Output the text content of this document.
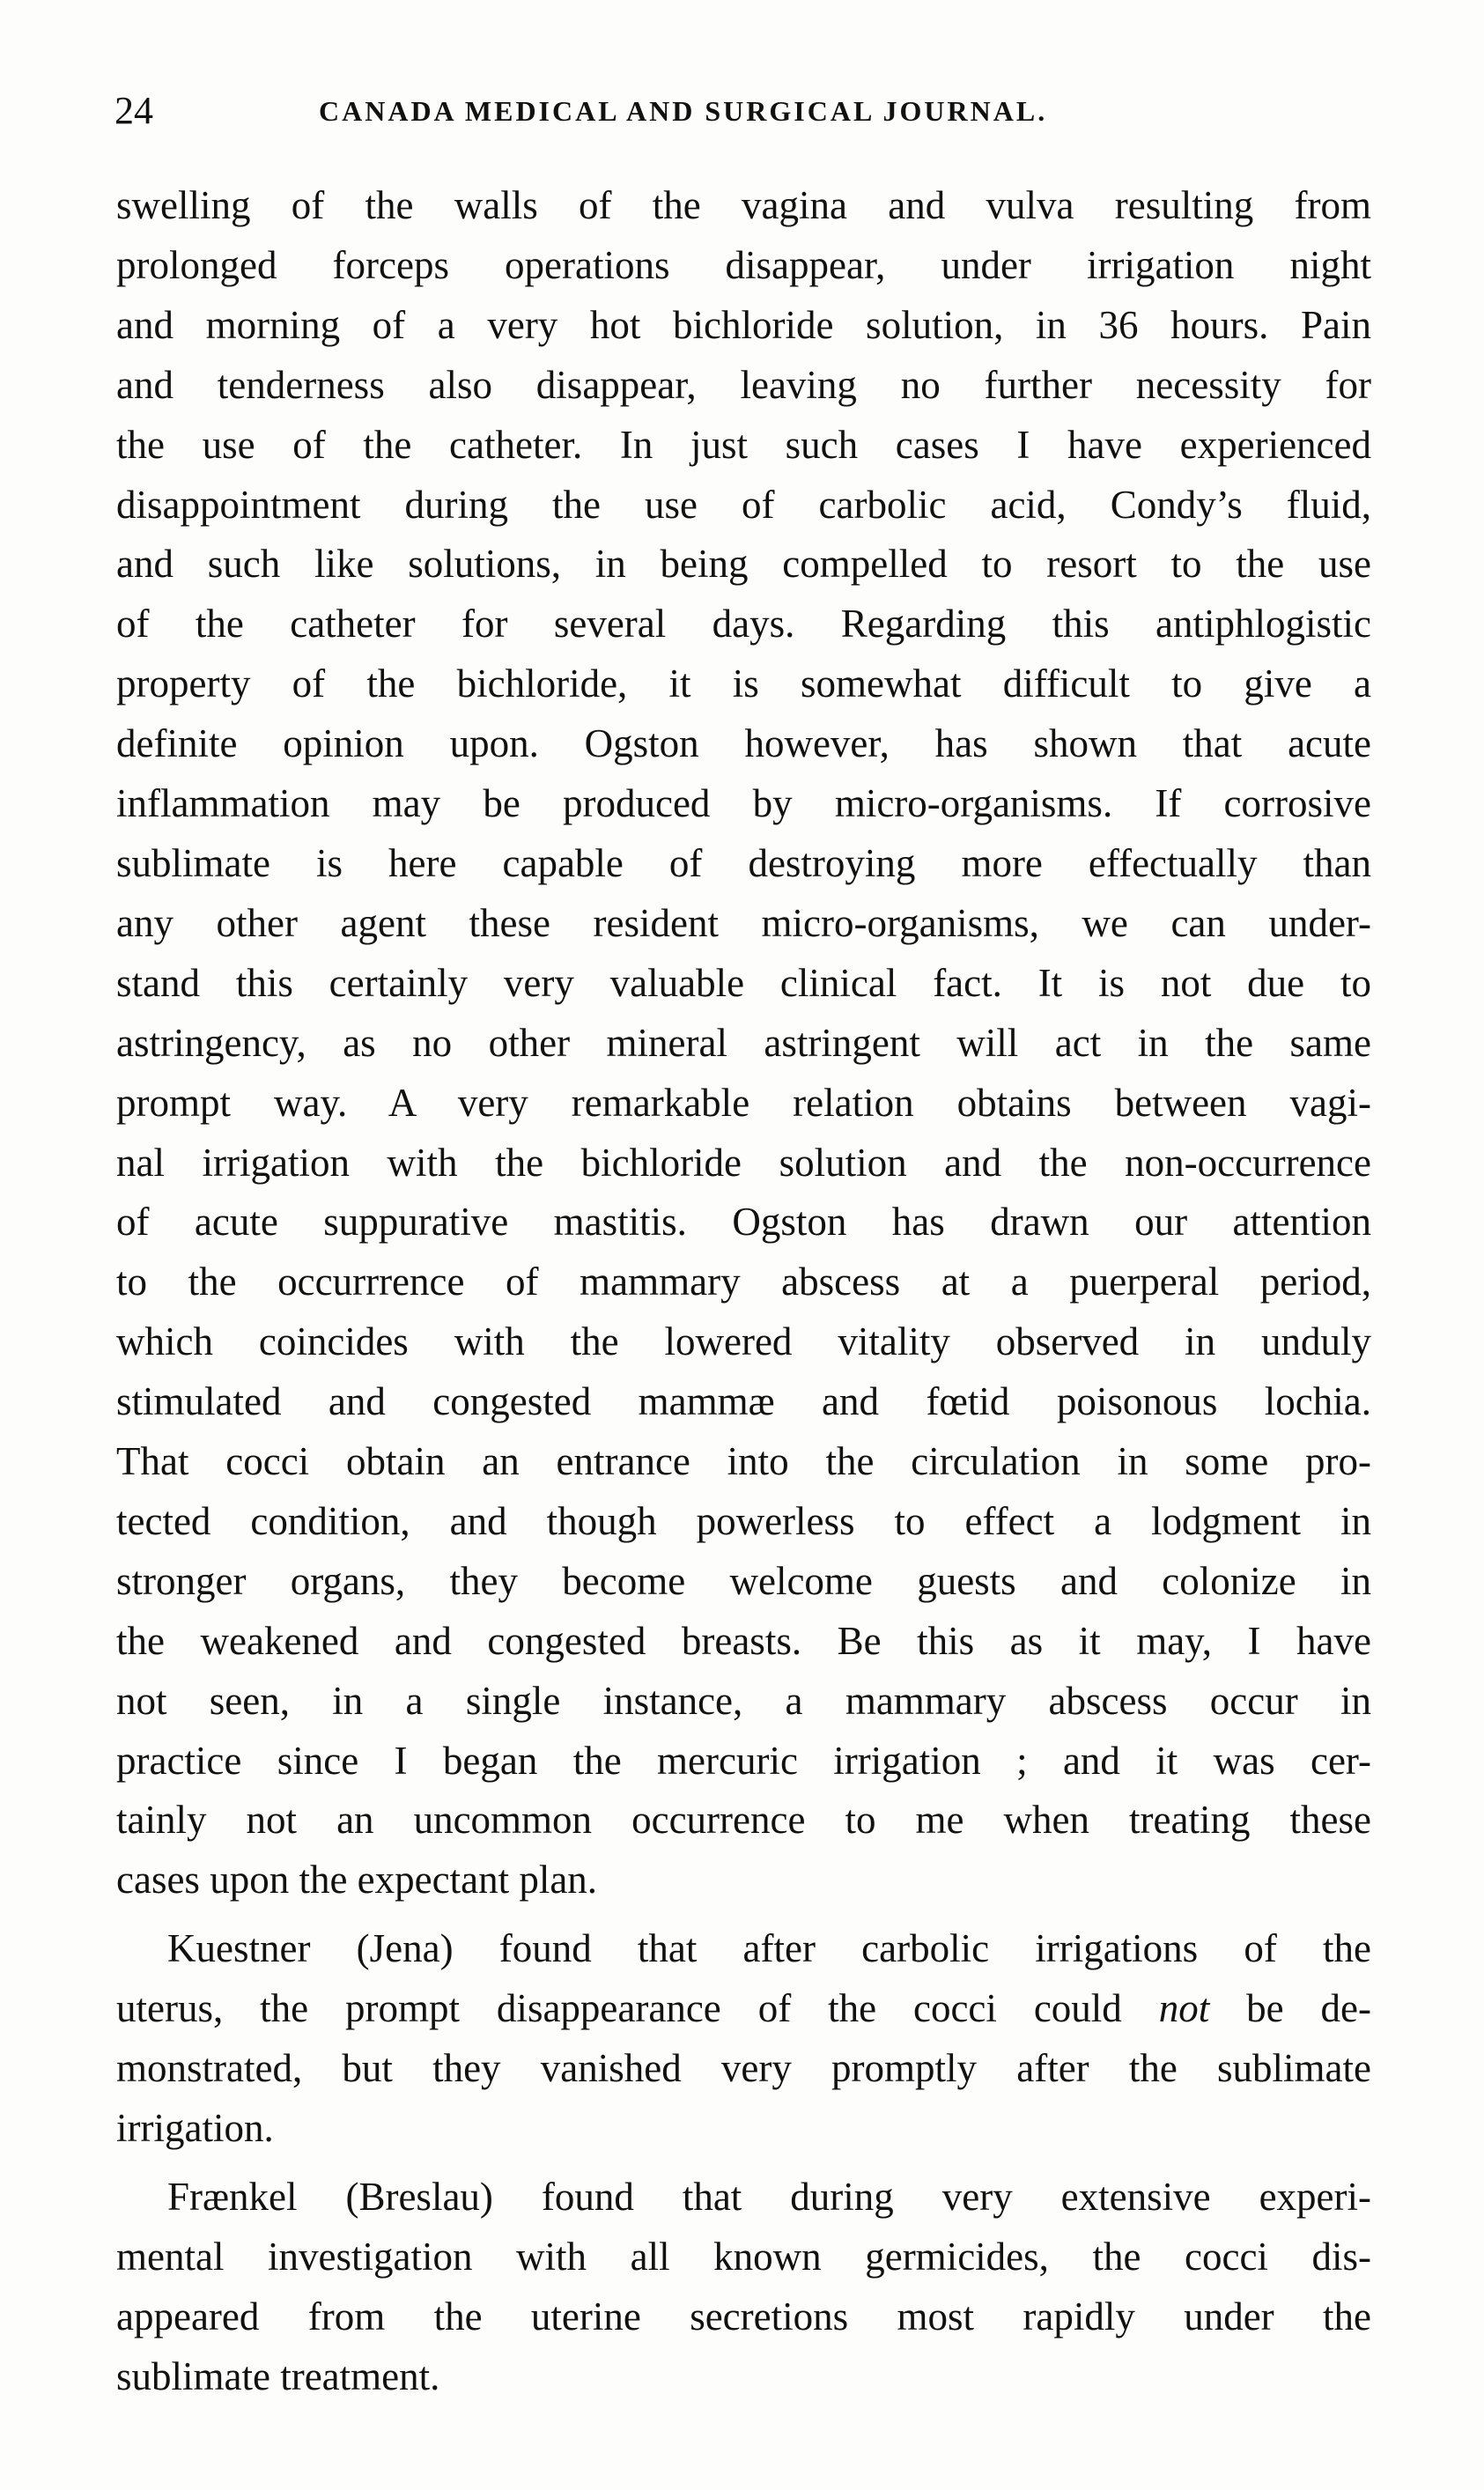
24	CANADA MEDICAL AND SURGICAL JOURNAL.

swelling of the walls of the vagina and vulva resulting from
prolonged forceps operations disappear, under irrigation night
and morning of a very hot bichloride solution, in 36 hours. Pain
and tenderness also disappear, leaving no further necessity for
the use of the catheter. In just such cases I have experienced
disappointment during the use of carbolic acid, Condy’s fluid,
and such like solutions, in being compelled to resort to the use
of the catheter for several days. Regarding this antiphlogistic
property of the bichloride, it is somewhat difficult to give a
definite opinion upon. Ogston however, has shown that acute
inflammation may be produced by micro-organisms. If corrosive
sublimate is here capable of destroying more effectually than
any other agent these resident micro-organisms, we can under-
stand this certainly very valuable clinical fact. It is not due to
astringency, as no other mineral astringent will act in the same
prompt way. A very remarkable relation obtains between vagi-
nal irrigation with the bichloride solution and the non-occurrence
of acute suppurative mastitis. Ogston has drawn our attention
to the occurrrence of mammary abscess at a puerperal period,
which coincides with the lowered vitality observed in unduly
stimulated and congested mammæ and fœtid poisonous lochia.
That cocci obtain an entrance into the circulation in some pro-
tected condition, and though powerless to effect a lodgment in
stronger organs, they become welcome guests and colonize in
the weakened and congested breasts. Be this as it may, I have
not seen, in a single instance, a mammary abscess occur in
practice since I began the mercuric irrigation ; and it was cer-
tainly not an uncommon occurrence to me when treating these
cases upon the expectant plan.

Kuestner (Jena) found that after carbolic irrigations of the
uterus, the prompt disappearance of the cocci could not be de-
monstrated, but they vanished very promptly after the sublimate
irrigation.

Frænkel (Breslau) found that during very extensive experi-
mental investigation with all known germicides, the cocci dis-
appeared from the uterine secretions most rapidly under the
sublimate treatment.
